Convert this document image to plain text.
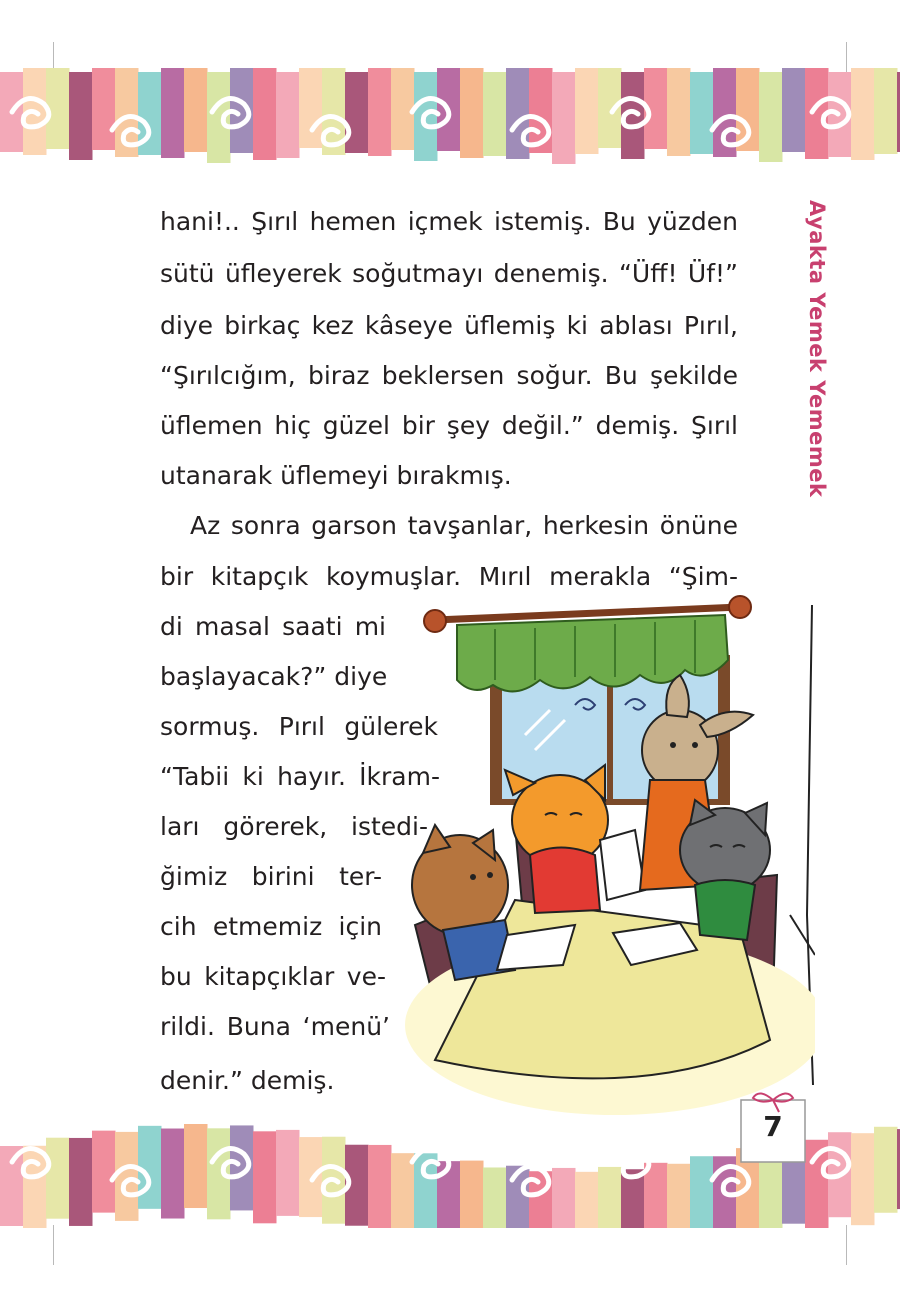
Ayakta Yemek Yememek
hani!.. Şırıl hemen içmek istemiş. Bu yüzden
sütü üfleyerek soğutmayı denemiş. “Üff! Üf!”
diye birkaç kez kâseye üflemiş ki ablası Pırıl,
“Şırılcığım, biraz beklersen soğur. Bu şekilde
üflemen hiç güzel bir şey değil.” demiş. Şırıl
utanarak üflemeyi bırakmış.
Az sonra garson tavşanlar, herkesin önüne
bir kitapçık koymuşlar. Mırıl merakla “Şim-
di masal saati mi
başlayacak?” diye
sormuş. Pırıl gülerek
“Tabii ki hayır. İkram-
ları görerek, istedi-
ğimiz birini ter-
cih etmemiz için
bu kitapçıklar ve-
rildi. Buna ‘menü’
denir.” demiş.
7
